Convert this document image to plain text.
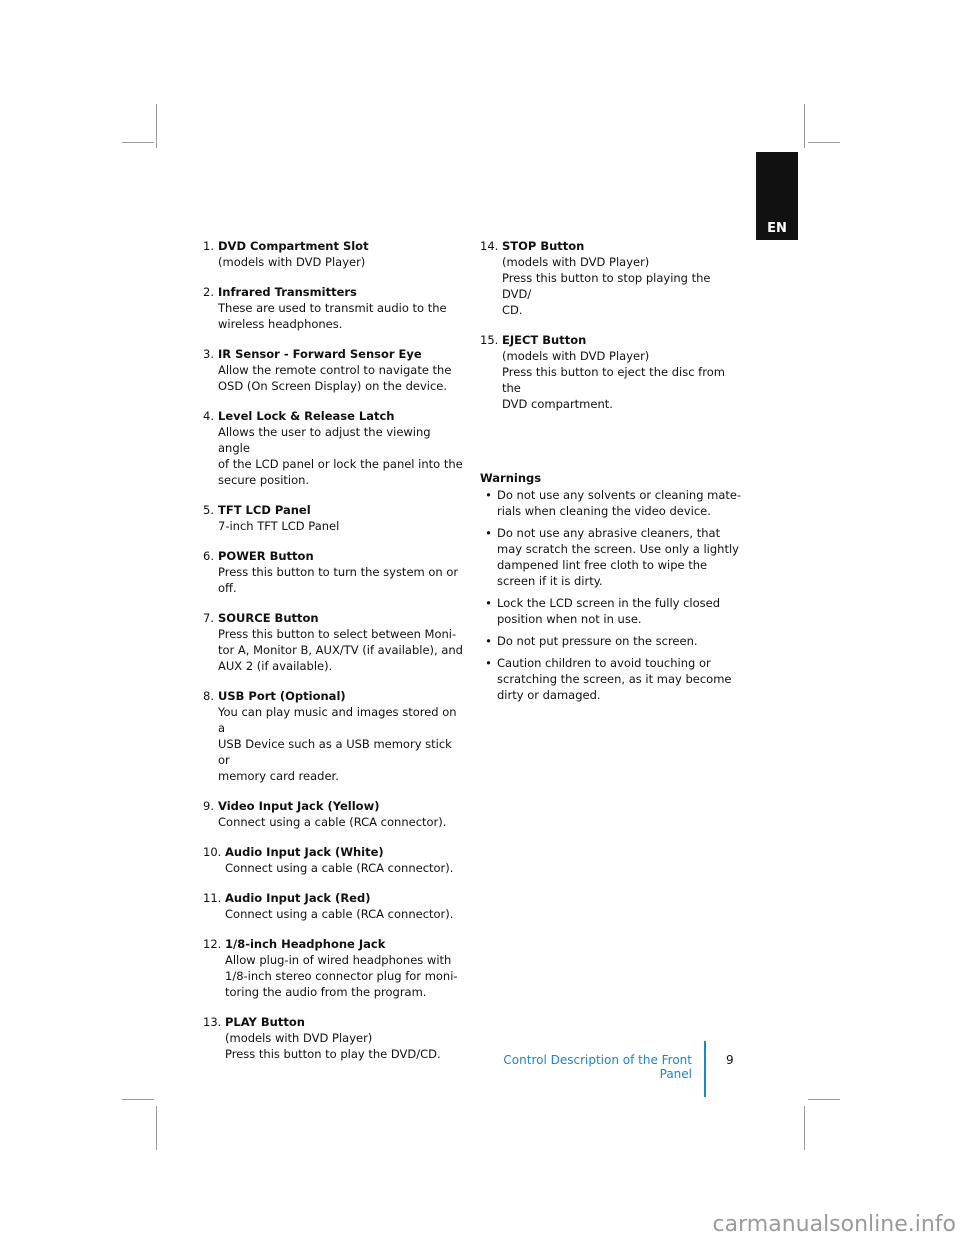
EN
1. DVD Compartment Slot
(models with DVD Player)
2. Infrared Transmitters
These are used to transmit audio to the
wireless headphones.
3. IR Sensor - Forward Sensor Eye
Allow the remote control to navigate the
OSD (On Screen Display) on the device.
4. Level Lock & Release Latch
Allows the user to adjust the viewing angle
of the LCD panel or lock the panel into the
secure position.
5. TFT LCD Panel
7-inch TFT LCD Panel
6. POWER Button
Press this button to turn the system on or off.
7. SOURCE Button
Press this button to select between Moni-
tor A, Monitor B, AUX/TV (if available), and
AUX 2 (if available).
8. USB Port (Optional)
You can play music and images stored on a
USB Device such as a USB memory stick or
memory card reader.
9. Video Input Jack (Yellow)
Connect using a cable (RCA connector).
10. Audio Input Jack (White)
Connect using a cable (RCA connector).
11. Audio Input Jack (Red)
Connect using a cable (RCA connector).
12. 1/8-inch Headphone Jack
Allow plug-in of wired headphones with
1/8-inch stereo connector plug for moni-
toring the audio from the program.
13. PLAY Button
(models with DVD Player)
Press this button to play the DVD/CD.
14. STOP Button
(models with DVD Player)
Press this button to stop playing the DVD/
CD.
15. EJECT Button
(models with DVD Player)
Press this button to eject the disc from the
DVD compartment.
Warnings
• Do not use any solvents or cleaning mate-
rials when cleaning the video device.
• Do not use any abrasive cleaners, that
may scratch the screen. Use only a lightly
dampened lint free cloth to wipe the
screen if it is dirty.
• Lock the LCD screen in the fully closed
position when not in use.
• Do not put pressure on the screen.
• Caution children to avoid touching or
scratching the screen, as it may become
dirty or damaged.
Control Description of the Front Panel
9
carmanualsonline.info
